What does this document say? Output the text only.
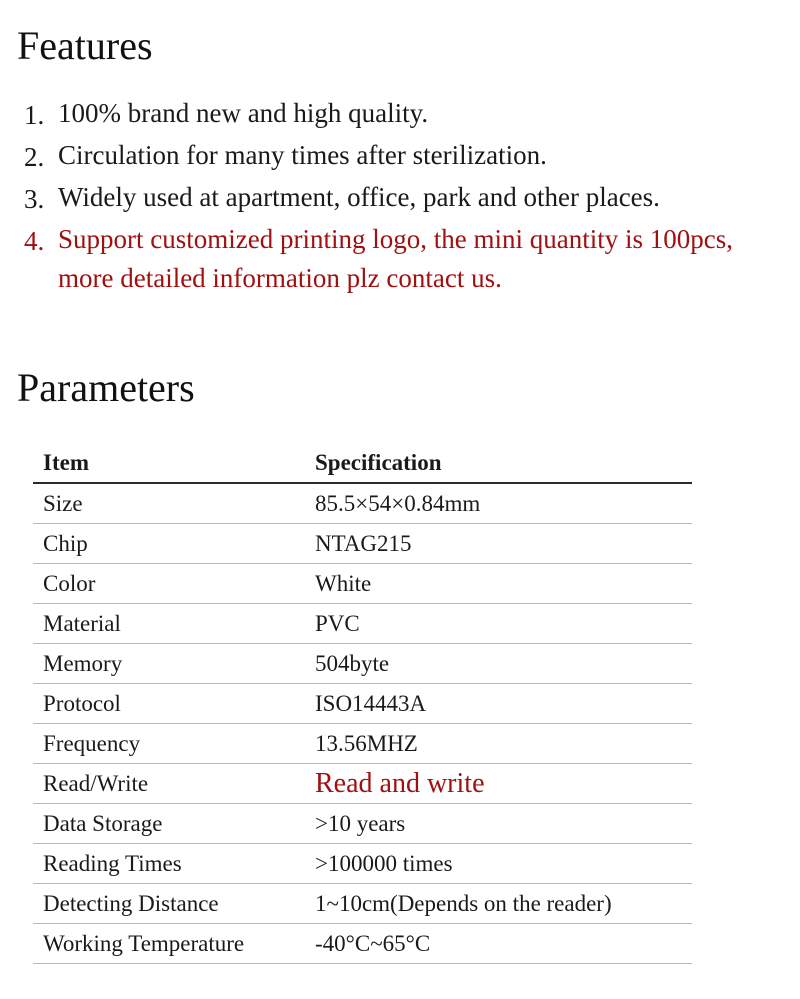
Features
1. 100% brand new and high quality.
2. Circulation for many times after sterilization.
3. Widely used at apartment, office, park and other places.
4. Support customized printing logo, the mini quantity is 100pcs, more detailed information plz contact us.
Parameters
Item	Specification
Size	85.5×54×0.84mm
Chip	NTAG215
Color	White
Material	PVC
Memory	504byte
Protocol	ISO14443A
Frequency	13.56MHZ
Read/Write	Read and write
Data Storage	>10 years
Reading Times	>100000 times
Detecting Distance	1~10cm(Depends on the reader)
Working Temperature	-40°C~65°C
